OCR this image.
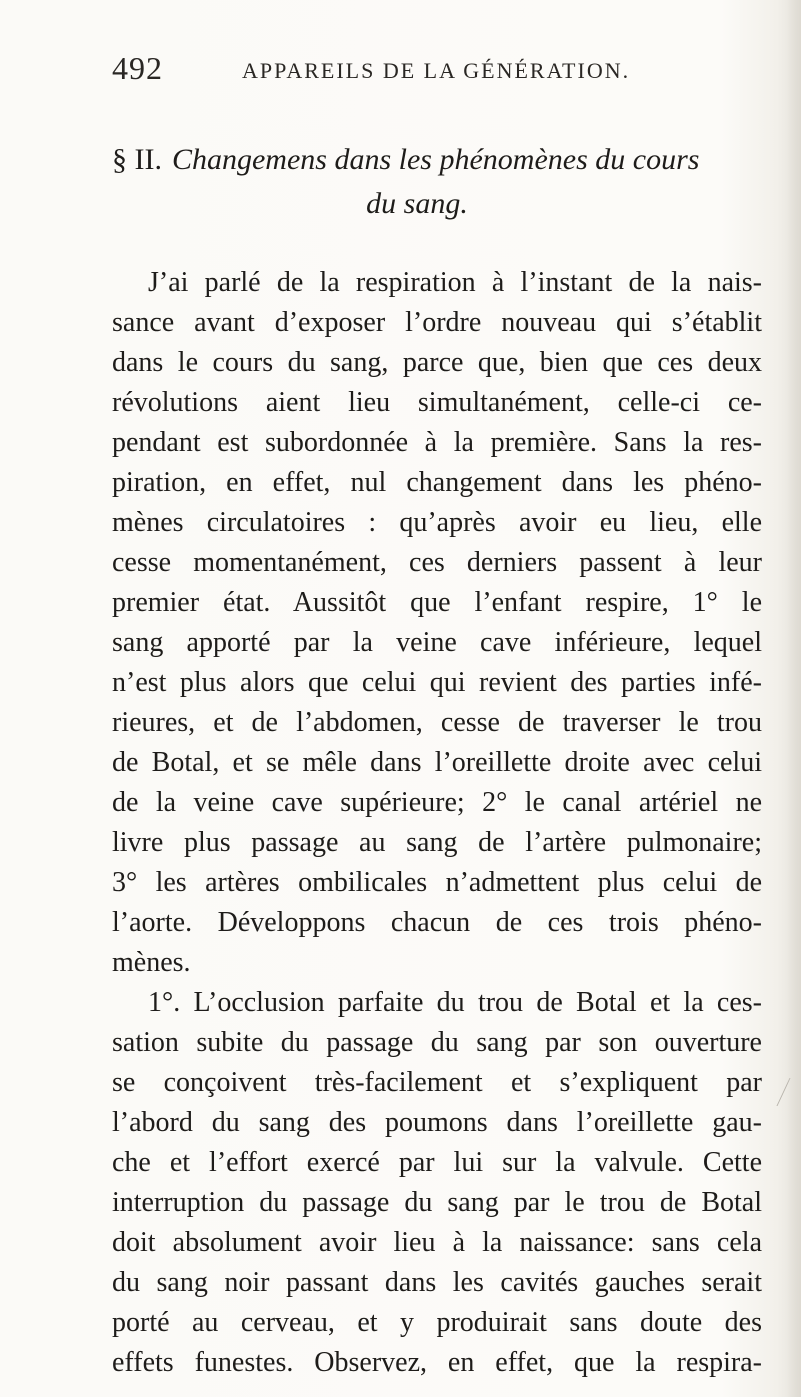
492	APPAREILS DE LA GÉNÉRATION.
§ II. Changemens dans les phénomènes du cours
du sang.
J’ai parlé de la respiration à l’instant de la nais-
sance avant d’exposer l’ordre nouveau qui s’établit
dans le cours du sang, parce que, bien que ces deux
révolutions aient lieu simultanément, celle-ci ce-
pendant est subordonnée à la première. Sans la res-
piration, en effet, nul changement dans les phéno-
mènes circulatoires : qu’après avoir eu lieu, elle
cesse momentanément, ces derniers passent à leur
premier état. Aussitôt que l’enfant respire, 1° le
sang apporté par la veine cave inférieure, lequel
n’est plus alors que celui qui revient des parties infé-
rieures, et de l’abdomen, cesse de traverser le trou
de Botal, et se mêle dans l’oreillette droite avec celui
de la veine cave supérieure; 2° le canal artériel ne
livre plus passage au sang de l’artère pulmonaire;
3° les artères ombilicales n’admettent plus celui de
l’aorte. Développons chacun de ces trois phéno-
mènes.
1°. L’occlusion parfaite du trou de Botal et la ces-
sation subite du passage du sang par son ouverture
se conçoivent très-facilement et s’expliquent par
l’abord du sang des poumons dans l’oreillette gau-
che et l’effort exercé par lui sur la valvule. Cette
interruption du passage du sang par le trou de Botal
doit absolument avoir lieu à la naissance: sans cela
du sang noir passant dans les cavités gauches serait
porté au cerveau, et y produirait sans doute des
effets funestes. Observez, en effet, que la respira-
